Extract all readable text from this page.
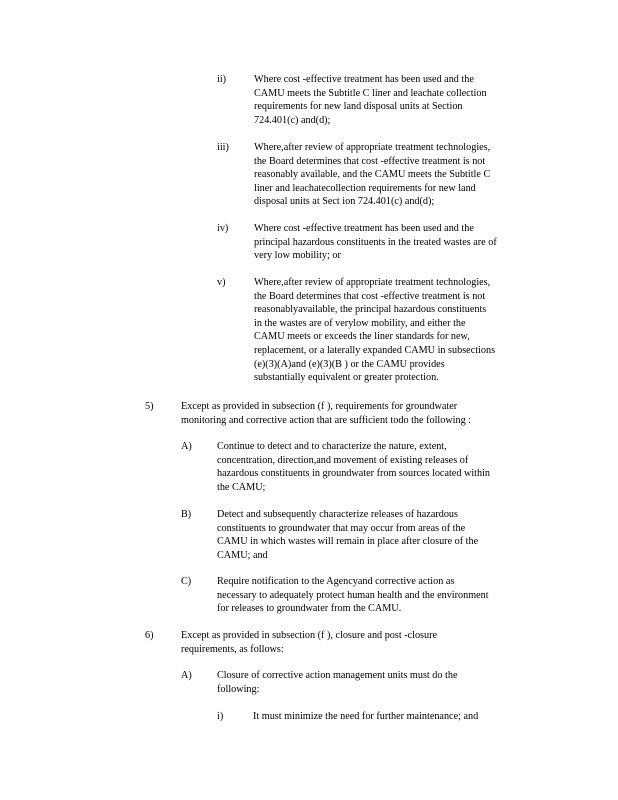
ii)	Where cost -effective treatment has been used and the
CAMU meets the Subtitle C liner and leachate collection
requirements for new land disposal units at Section
724.401(c) and(d);
iii) Where,after review of appropriate treatment technologies,
the Board determines that cost -effective treatment is not
reasonably available, and the CAMU meets the Subtitle C
liner and leachatecollection requirements for new land
disposal units at Sect ion 724.401(c) and(d);
iv)	Where cost -effective treatment has been used and the
principal hazardous constituents in the treated wastes are of
very low mobility; or
v)	Where,after review of appropriate treatment technologies,
the Board determines that cost -effective treatment is not
reasonablyavailable, the principal hazardous constituents
in the wastes are of verylow mobility, and either the
CAMU meets or exceeds the liner standards for new,
replacement, or a laterally expanded CAMU in subsections
(e)(3)(A)and (e)(3)(B ) or the CAMU provides
substantially equivalent or greater protection.
5)	Except as provided in subsection (f ), requirements for groundwater
monitoring and corrective action that are sufficient todo the following :
A) Continue to detect and to characterize the nature, extent,
concentration, direction,and movement of existing releases of
hazardous constituents in groundwater from sources located within
the CAMU;
B)	Detect and subsequently characterize releases of hazardous
constituents to groundwater that may occur from areas of the
CAMU in which wastes will remain in place after closure of the
CAMU; and
C)	Require notification to the Agencyand corrective action as
necessary to adequately protect human health and the environment
for releases to groundwater from the CAMU.
6)	Except as provided in subsection (f ), closure and post -closure
requirements, as follows:
A) Closure of corrective action management units must do the
following:
i)	It must minimize the need for further maintenance; and
